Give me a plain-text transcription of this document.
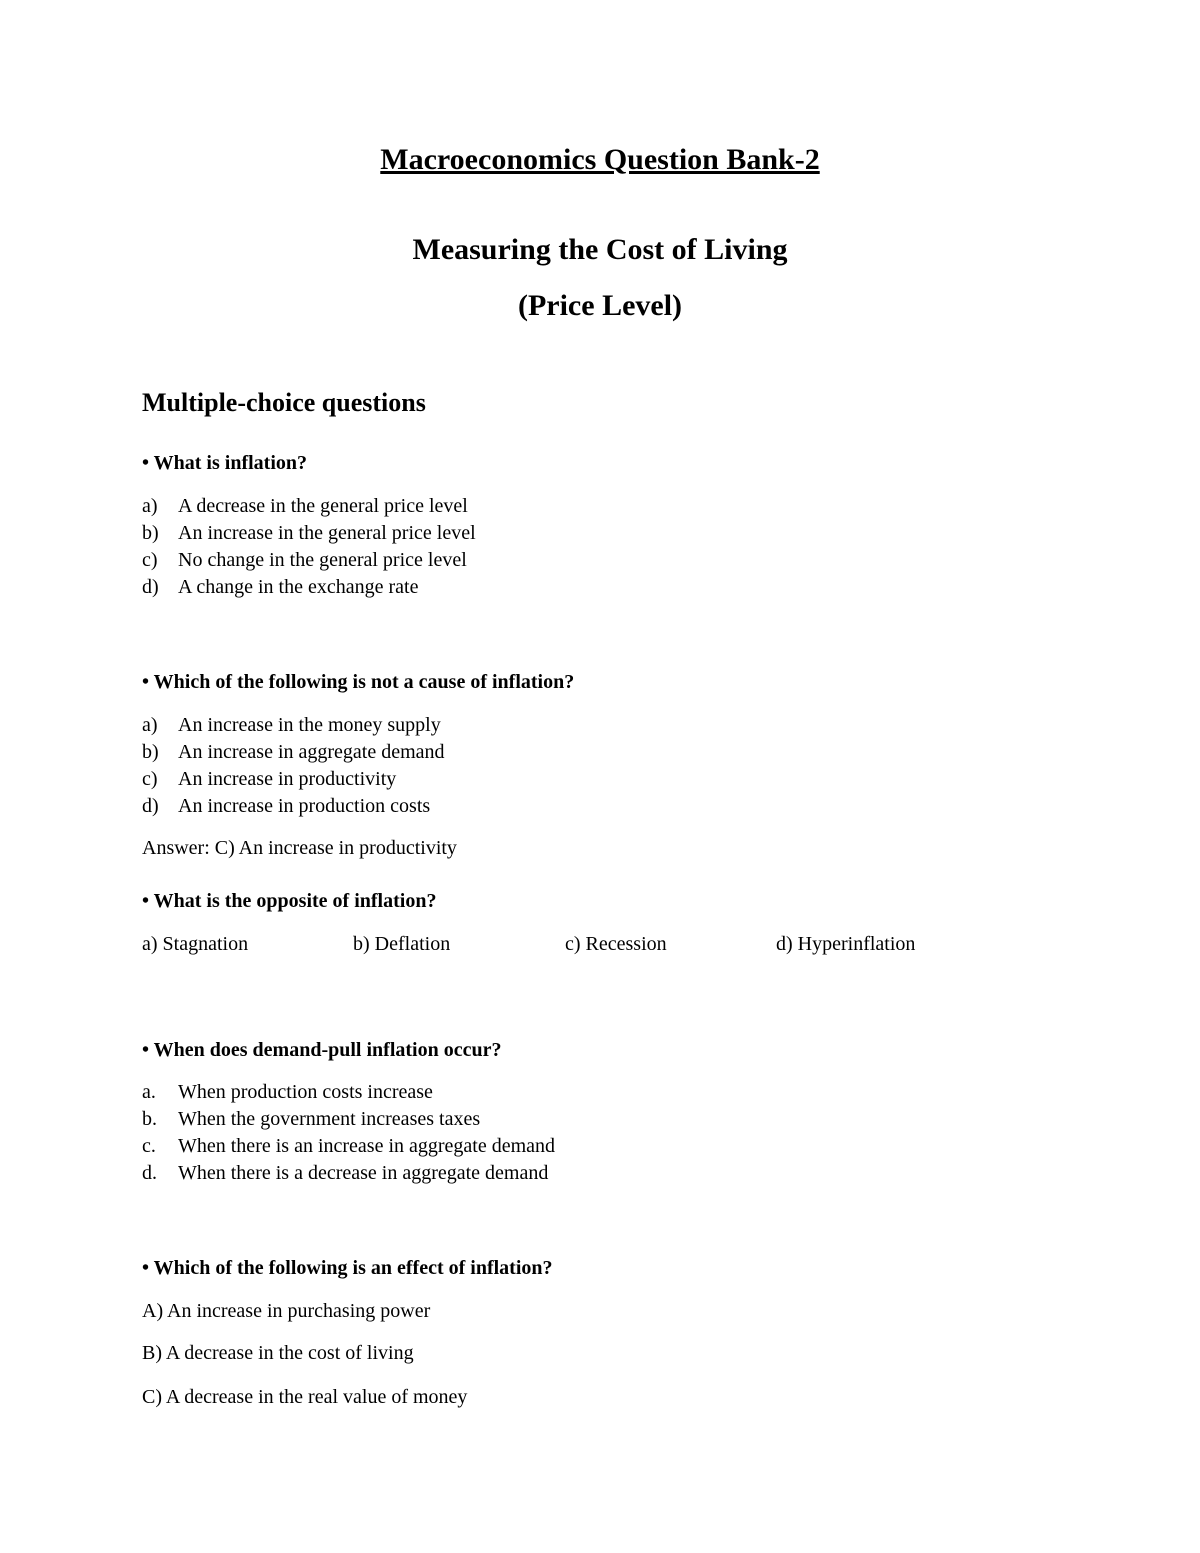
Macroeconomics Question Bank-2
Measuring the Cost of Living
(Price Level)
Multiple-choice questions
• What is inflation?
a) A decrease in the general price level
b) An increase in the general price level
c) No change in the general price level
d) A change in the exchange rate
• Which of the following is not a cause of inflation?
a) An increase in the money supply
b) An increase in aggregate demand
c) An increase in productivity
d) An increase in production costs
Answer: C) An increase in productivity
• What is the opposite of inflation?
a) Stagnation	b) Deflation	c) Recession	d) Hyperinflation
• When does demand-pull inflation occur?
a. When production costs increase
b. When the government increases taxes
c. When there is an increase in aggregate demand
d. When there is a decrease in aggregate demand
• Which of the following is an effect of inflation?
A) An increase in purchasing power
B) A decrease in the cost of living
C) A decrease in the real value of money
